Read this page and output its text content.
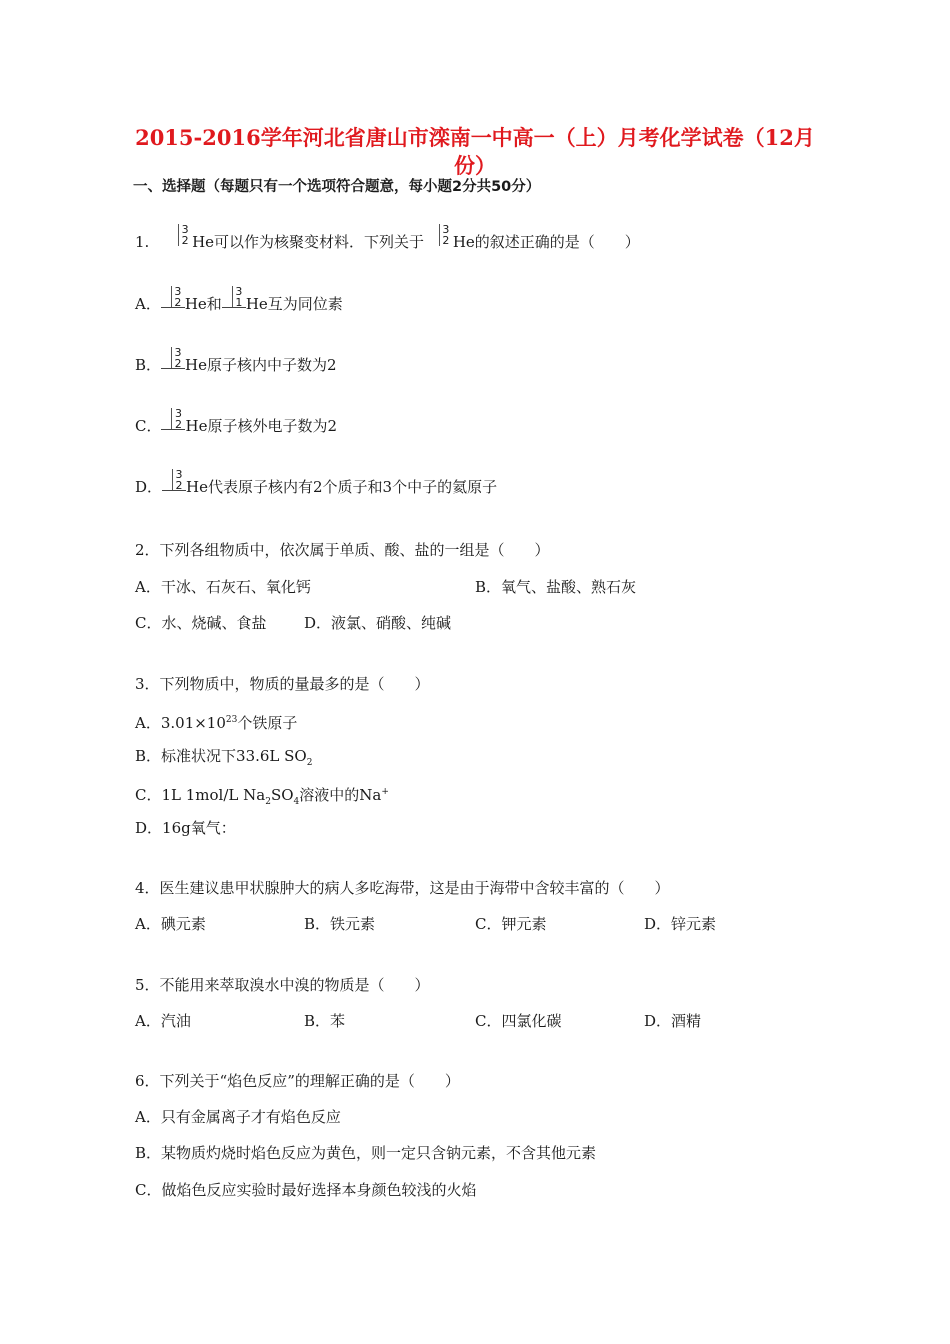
2015-2016学年河北省唐山市滦南一中高一（上）月考化学试卷（12月份）
一、选择题（每题只有一个选项符合题意，每小题2分共50分）
1.
3
2 He可以作为核聚变材料．下列关于
3
2 He的叙述正确的是（　　）
A．
3
2 He和
3
1 He互为同位素
B．
3
2 He原子核内中子数为2
C．
3
2 He原子核外电子数为2
D．
3
2 He代表原子核内有2个质子和3个中子的氦原子
2．下列各组物质中，依次属于单质、酸、盐的一组是（　　）
A．干冰、石灰石、氧化钙	B．氧气、盐酸、熟石灰
C．水、烧碱、食盐	D．液氯、硝酸、纯碱
3．下列物质中，物质的量最多的是（　　）
A．$3.01\times 10^{23}$个铁原子
B．标准状况下33.6L $SO_2$
C．1L 1mol/L $Na_2SO_4$溶液中的Na+
D．16g氧气：
4．医生建议患甲状腺肿大的病人多吃海带，这是由于海带中含较丰富的（　　）
A．碘元素	B．铁元素	C．钾元素	D．锌元素
5．不能用来萃取溴水中溴的物质是（　　）
A．汽油	B．苯	C．四氯化碳	D．酒精
6．下列关于“焰色反应”的理解正确的是（　　）
A．只有金属离子才有焰色反应
B．某物质灼烧时焰色反应为黄色，则一定只含钠元素，不含其他元素
C．做焰色反应实验时最好选择本身颜色较浅的火焰
